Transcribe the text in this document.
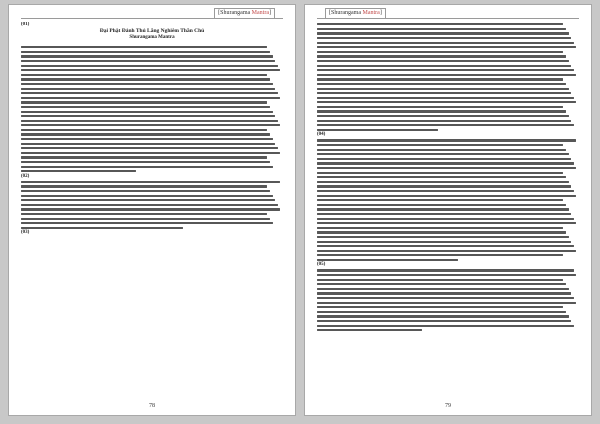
[Shurangama Mantra]
(01)
Đại Phật Đảnh Thủ Lăng Nghiêm Thần Chú
Shurangama Mantra
(02)
(03)
78
[Shurangama Mantra]
(04)
(05)
79
